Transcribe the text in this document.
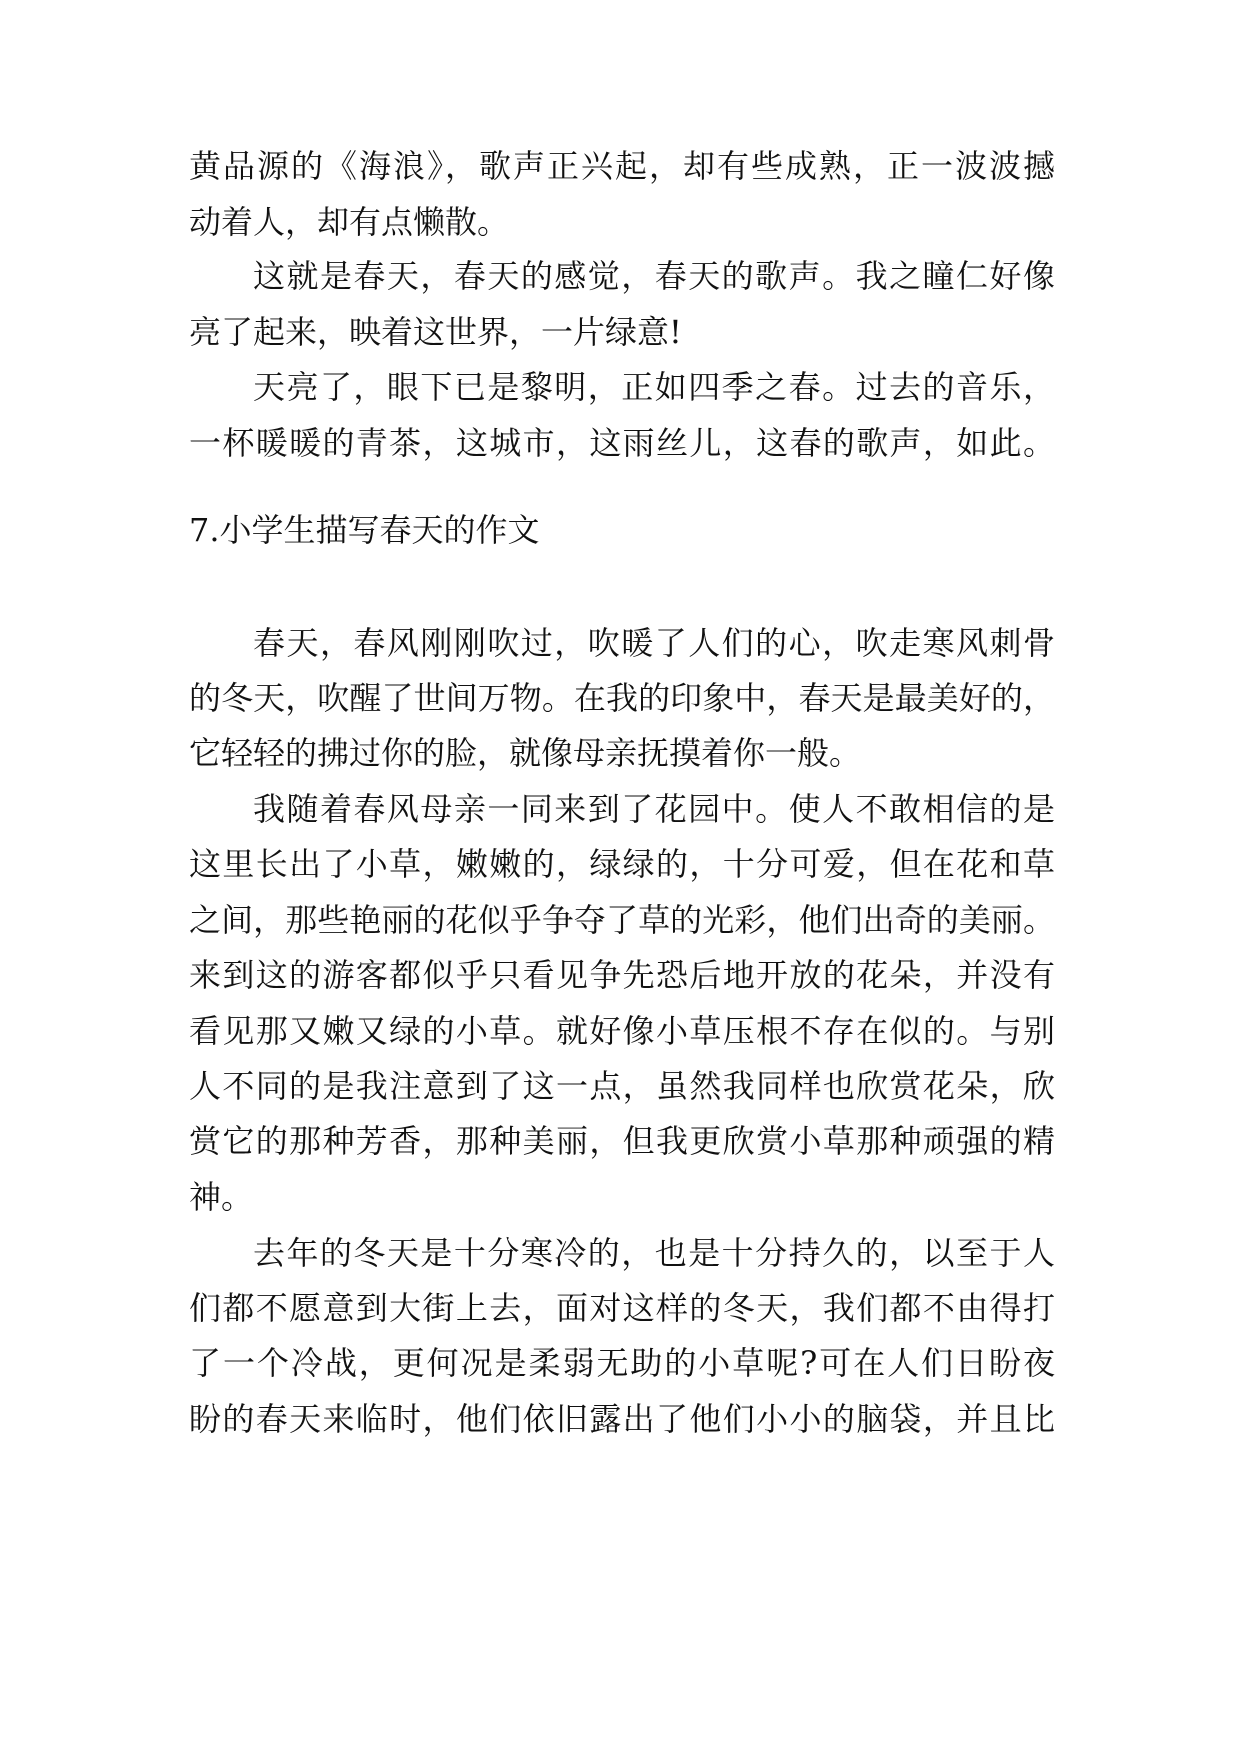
黄品源的《海浪》，歌声正兴起，却有些成熟，正一波波撼
动着人，却有点懒散。
这就是春天，春天的感觉，春天的歌声。我之瞳仁好像
亮了起来，映着这世界，一片绿意!
天亮了，眼下已是黎明，正如四季之春。过去的音乐，
一杯暖暖的青茶，这城市，这雨丝儿，这春的歌声，如此。
7.小学生描写春天的作文
春天，春风刚刚吹过，吹暖了人们的心，吹走寒风刺骨
的冬天，吹醒了世间万物。在我的印象中，春天是最美好的，
它轻轻的拂过你的脸，就像母亲抚摸着你一般。
我随着春风母亲一同来到了花园中。使人不敢相信的是
这里长出了小草，嫩嫩的，绿绿的，十分可爱，但在花和草
之间，那些艳丽的花似乎争夺了草的光彩，他们出奇的美丽。
来到这的游客都似乎只看见争先恐后地开放的花朵，并没有
看见那又嫩又绿的小草。就好像小草压根不存在似的。与别
人不同的是我注意到了这一点，虽然我同样也欣赏花朵，欣
赏它的那种芳香，那种美丽，但我更欣赏小草那种顽强的精
神。
去年的冬天是十分寒冷的，也是十分持久的，以至于人
们都不愿意到大街上去，面对这样的冬天，我们都不由得打
了一个冷战，更何况是柔弱无助的小草呢?可在人们日盼夜
盼的春天来临时，他们依旧露出了他们小小的脑袋，并且比
